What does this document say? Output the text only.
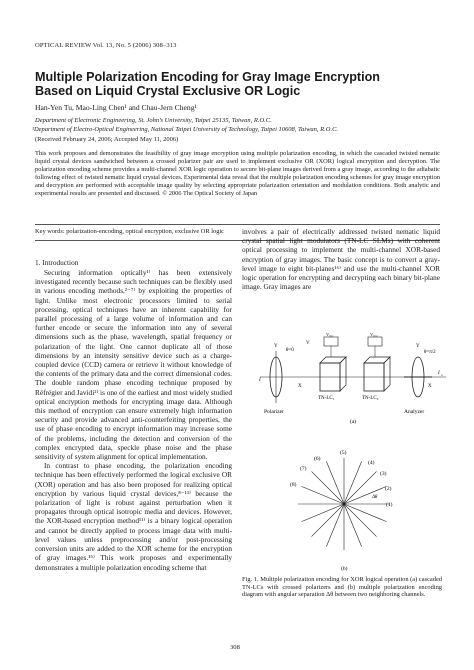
OPTICAL REVIEW Vol. 13, No. 5 (2006) 308–313
Multiple Polarization Encoding for Gray Image Encryption
Based on Liquid Crystal Exclusive OR Logic
Han-Yen Tu, Mao-Ling Chen¹ and Chau-Jern Cheng¹
Department of Electronic Engineering, St. John’s University, Taipei 25135, Taiwan, R.O.C.
¹Department of Electro-Optical Engineering, National Taipei University of Technology, Taipei 10608, Taiwan, R.O.C.
(Received February 24, 2006; Accepted May 11, 2006)
This work proposes and demonstrates the feasibility of gray image encryption using multiple polarization encoding, in which the cascaded twisted nematic liquid crystal devices sandwiched between a crossed polarizer pair are used to implement exclusive OR (XOR) logical encryption and decryption. The polarization encoding scheme provides a multi-channel XOR logic operation to secure bit-plane images derived from a gray image, according to the adiabatic following effect of twisted nematic liquid crystal devices. Experimental data reveal that the multiple polarization encoding schemes for gray image encryption and decryption are performed with acceptable image quality by selecting appropriate polarization orientation and modulation conditions. Both analytic and experimental results are presented and discussed. © 2006 The Optical Society of Japan
Key words: polarization-encoding, optical encryption, exclusive OR logic
1. Introduction

Securing information optically¹⁾ has been extensively investigated recently because such techniques can be flexibly used in various encoding methods,²⁻⁷⁾ by exploiting the properties of light. Unlike most electronic processors limited to serial processing, optical techniques have an inherent capability for parallel processing of a large volume of information and can further encode or secure the information into any of several dimensions such as the phase, wavelength, spatial frequency or polarization of the light. One cannot duplicate all of those dimensions by an intensity sensitive device such as a charge-coupled device (CCD) camera or retrieve it without knowledge of the contents of the primary data and the correct dimensional codes. The double random phase encoding technique proposed by Réfrégier and Javidi²⁾ is one of the earliest and most widely studied optical encryption methods for encrypting image data. Although this method of encryption can ensure extremely high information security and provide advanced anti-counterfeiting properties, the use of phase encoding to encrypt information may increase some of the problems, including the detection and conversion of the complex encrypted data, speckle phase noise and the phase sensitivity of system alignment for optical implementation.

In contrast to phase encoding, the polarization encoding technique has been effectively performed the logical exclusive OR (XOR) operation and has also been proposed for realizing optical encryption by various liquid crystal devices,⁸⁻¹³⁾ because the polarization of light is robust against perturbation when it propagates through optical isotropic media and devices. However, the XOR-based encryption method¹¹⁾ is a binary logical operation and cannot be directly applied to process image data with multi-level values unless preprocessing and/or post-processing conversion units are added to the XOR scheme for the encryption of gray images.¹⁵⁾ This work proposes and experimentally demonstrates a multiple polarization encoding scheme that

involves a pair of electrically addressed twisted nematic liquid crystal spatial light modulators (TN-LC SLMs) with coherent optical processing to implement the multi-channel XOR-based encryption of gray images. The basic concept is to convert a gray-level image to eight bit-planes¹⁶⁾ and use the multi-channel XOR logic operation for encrypting and decrypting each binary bit-plane image. Gray images are

Y
θ=0
I
V
X
V₀,₁	V₀,₂
Y
θ=π/2
X
I o
TN-LC₁	TN-LC₂
Polarizer	Analyzer
(a)
(1)
(2)
(3)
(4)
(5)
(6)
(7)
(8)
Δθ
(b)
Fig. 1. Multiple polarization encoding for XOR logical operation (a) cascaded TN-LCs with crossed polarizers and (b) multiple polarization encoding diagram with angular separation Δθ between two neighboring channels.
308
